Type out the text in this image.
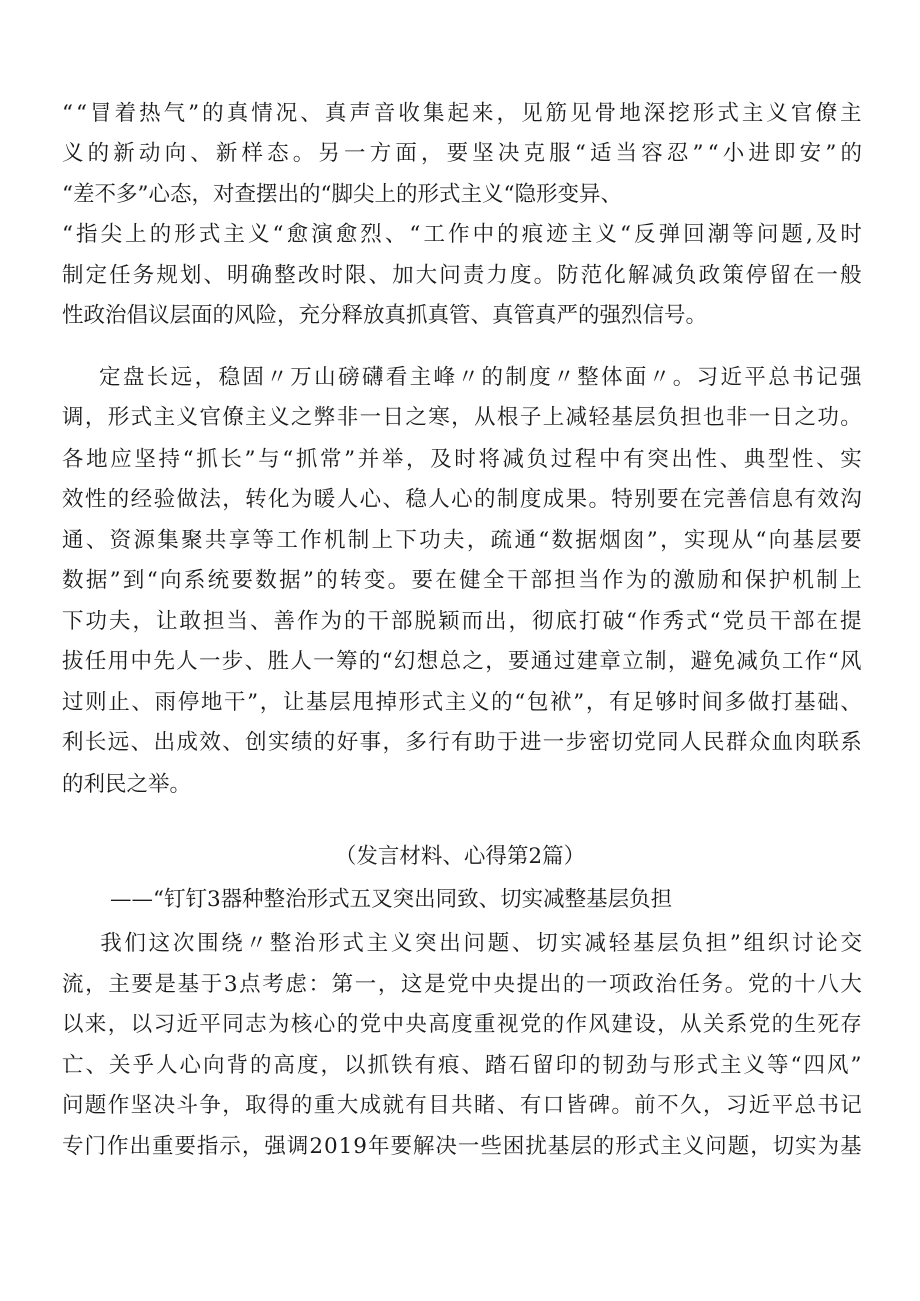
“ “ 冒 着 热 气 ” 的 真 情 况 、 真 声 音 收 集 起 来 ， 见 筋 见 骨 地 深 挖 形 式 主 义 官 僚 主
义 的 新 动 向 、 新 样 态 。 另 一 方 面 ， 要 坚 决 克 服 “ 适 当 容 忍 ” “ 小 进 即 安 ” 的
“差不多”心态，对查摆出的“脚尖上的形式主义“隐形变异、
“ 指 尖 上 的 形 式 主 义 “ 愈 演 愈 烈 、 “ 工 作 中 的 痕 迹 主 义 “ 反 弹 回 潮 等 问 题 , 及 时
制 定 任 务 规 划 、 明 确 整 改 时 限 、 加 大 问 责 力 度 。 防 范 化 解 减 负 政 策 停 留 在 一 般
性政治倡议层面的风险，充分释放真抓真管、真管真严的强烈信号。

定 盘 长 远 ， 稳 固 〃 万 山 磅 礴 看 主 峰 〃 的 制 度 〃 整 体 面 〃 。 习 近 平 总 书 记 强
调 ， 形 式 主 义 官 僚 主 义 之 弊 非 一 日 之 寒 ， 从 根 子 上 减 轻 基 层 负 担 也 非 一 日 之 功 。
各 地 应 坚 持 “ 抓 长 ” 与 “ 抓 常 ” 并 举 ， 及 时 将 减 负 过 程 中 有 突 出 性 、 典 型 性 、 实
效 性 的 经 验 做 法 ， 转 化 为 暖 人 心 、 稳 人 心 的 制 度 成 果 。 特 别 要 在 完 善 信 息 有 效 沟
通 、 资 源 集 聚 共 享 等 工 作 机 制 上 下 功 夫 ， 疏 通 “ 数 据 烟 囱 ” ， 实 现 从 “ 向 基 层 要
数 据 ” 到 “ 向 系 统 要 数 据 ” 的 转 变 。 要 在 健 全 干 部 担 当 作 为 的 激 励 和 保 护 机 制 上
下 功 夫 ， 让 敢 担 当 、 善 作 为 的 干 部 脱 颖 而 出 ， 彻 底 打 破 “ 作 秀 式 “ 党 员 干 部 在 提
拔 任 用 中 先 人 一 步 、 胜 人 一 筹 的 “ 幻 想 总 之 ， 要 通 过 建 章 立 制 ， 避 免 减 负 工 作 “ 风
过 则 止 、 雨 停 地 干 ” ， 让 基 层 甩 掉 形 式 主 义 的 “ 包 袱 ” ， 有 足 够 时 间 多 做 打 基 础 、
利 长 远 、 出 成 效 、 创 实 绩 的 好 事 ， 多 行 有 助 于 进 一 步 密 切 党 同 人 民 群 众 血 肉 联 系
的利民之举。
（发言材料、心得第2篇）
——“钉钉3器种整治形式五叉突出同致、切实减整基层负担

我 们 这 次 围 绕 〃 整 治 形 式 主 义 突 出 问 题 、 切 实 减 轻 基 层 负 担 ” 组 织 讨 论 交
流 ， 主 要 是 基 于 3 点 考 虑 ： 第 一 ， 这 是 党 中 央 提 出 的 一 项 政 治 任 务 。 党 的 十 八 大
以 来 ， 以 习 近 平 同 志 为 核 心 的 党 中 央 高 度 重 视 党 的 作 风 建 设 ， 从 关 系 党 的 生 死 存
亡 、 关 乎 人 心 向 背 的 高 度 ， 以 抓 铁 有 痕 、 踏 石 留 印 的 韧 劲 与 形 式 主 义 等 “ 四 风 ”
问 题 作 坚 决 斗 争 ， 取 得 的 重 大 成 就 有 目 共 睹 、 有 口 皆 碑 。 前 不 久 ， 习 近 平 总 书 记
专 门 作 出 重 要 指 示 ， 强 调 2 0 1 9 年 要 解 决 一 些 困 扰 基 层 的 形 式 主 义 问 题 ， 切 实 为 基
